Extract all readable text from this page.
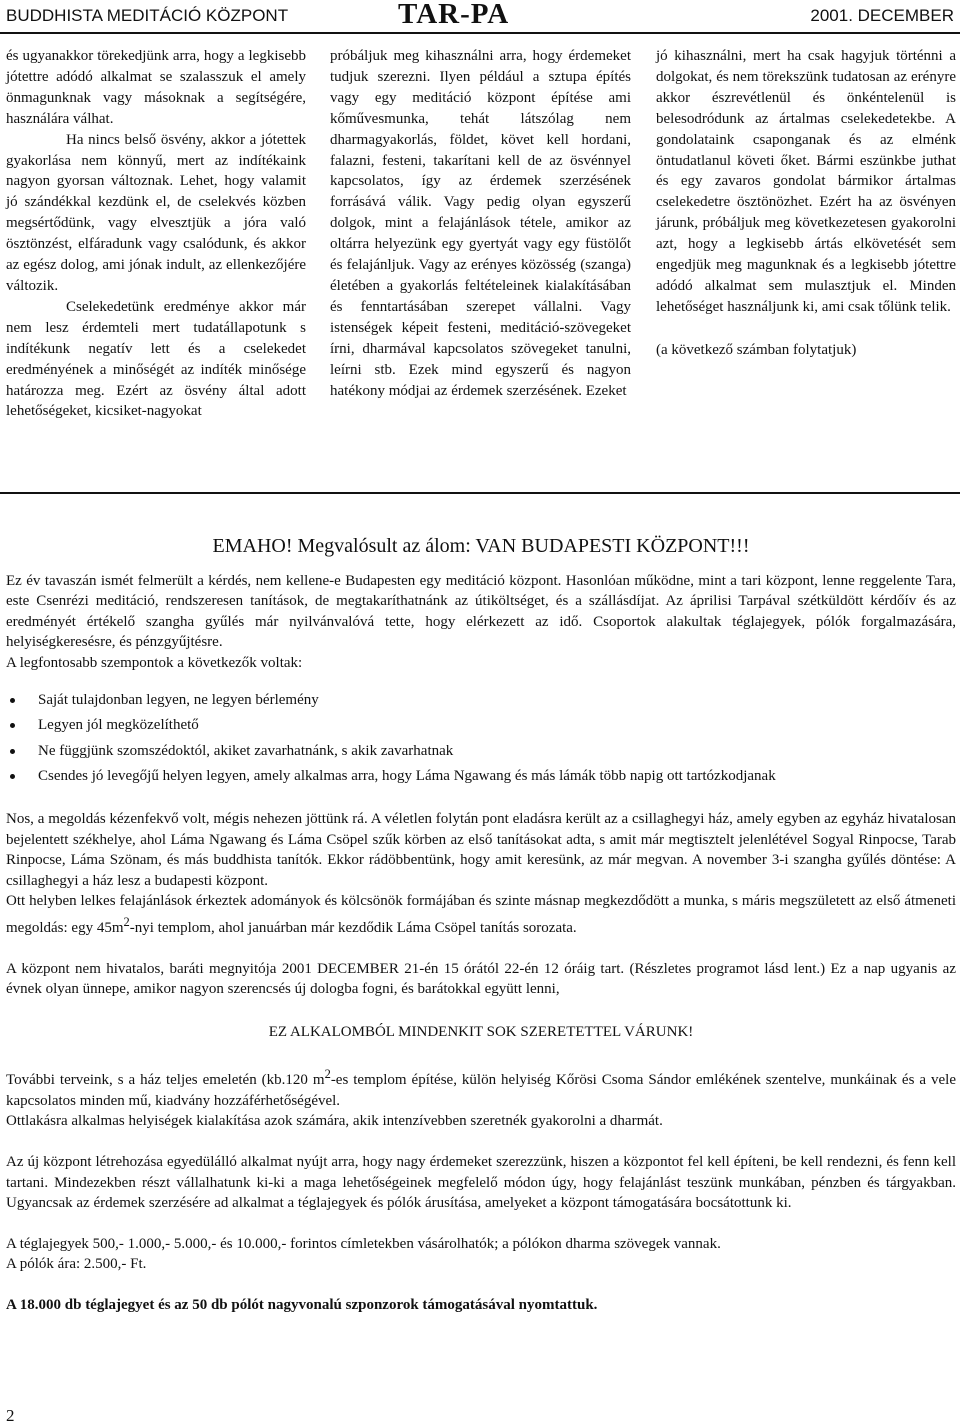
BUDDHISTA MEDITÁCIÓ KÖZPONT	TAR-PA	2001. DECEMBER

és ugyanakkor törekedjünk arra, hogy a legkisebb jótettre adódó alkalmat se szalasszuk el amely önmagunknak vagy másoknak a segítségére, használára válhat.

Ha nincs belső ösvény, akkor a jótettek gyakorlása nem könnyű, mert az indítékaink nagyon gyorsan változnak. Lehet, hogy valamit jó szándékkal kezdünk el, de cselekvés közben megsértődünk, vagy elvesztjük a jóra való ösztönzést, elfáradunk vagy csalódunk, és akkor az egész dolog, ami jónak indult, az ellenkezőjére változik.

Cselekedetünk eredménye akkor már nem lesz érdemteli mert tudatállapotunk s indítékunk negatív lett és a cselekedet eredményének a minőségét az indíték minősége határozza meg. Ezért az ösvény által adott lehetőségeket, kicsiket-nagyokat

próbáljuk meg kihasználni arra, hogy érdemeket tudjuk szerezni. Ilyen például a sztupa építés vagy egy meditáció központ építése ami kőművesmunka, tehát látszólag nem dharmagyakorlás, földet, követ kell hordani, falazni, festeni, takarítani kell de az ösvénnyel kapcsolatos, így az érdemek szerzésének forrásává válik. Vagy pedig olyan egyszerű dolgok, mint a felajánlások tétele, amikor az oltárra helyezünk egy gyertyát vagy egy füstölőt és felajánljuk. Vagy az erényes közösség (szanga) életében a gyakorlás feltételeinek kialakításában és fenntartásában szerepet vállalni. Vagy istenségek képeit festeni, meditáció-szövegeket írni, dharmával kapcsolatos szövegeket tanulni, leírni stb. Ezek mind egyszerű és nagyon hatékony módjai az érdemek szerzésének. Ezeket

jó kihasználni, mert ha csak hagyjuk történni a dolgokat, és nem törekszünk tudatosan az erényre akkor észrevétlenül és önkéntelenül is belesodródunk az ártalmas cselekedetekbe. A gondolataink csaponganak és az elménk öntudatlanul követi őket. Bármi eszünkbe juthat és egy zavaros gondolat bármikor ártalmas cselekedetre ösztönözhet. Ezért ha az ösvényen járunk, próbáljuk meg következetesen gyakorolni azt, hogy a legkisebb ártás elkövetését sem engedjük meg magunknak és a legkisebb jótettre adódó alkalmat sem mulasztjuk el. Minden lehetőséget használjunk ki, ami csak tőlünk telik.

(a következő számban folytatjuk)

EMAHO! Megvalósult az álom: VAN BUDAPESTI KÖZPONT!!!

Ez év tavaszán ismét felmerült a kérdés, nem kellene-e Budapesten egy meditáció központ. Hasonlóan működne, mint a tari központ, lenne reggelente Tara, este Csenrézi meditáció, rendszeresen tanítások, de megtakaríthatnánk az útiköltséget, és a szállásdíjat. Az áprilisi Tarpával szétküldött kérdőív és az eredményét értékelő szangha gyűlés már nyilvánvalóvá tette, hogy elérkezett az idő. Csoportok alakultak téglajegyek, pólók forgalmazására, helyiségkeresésre, és pénzgyűjtésre.

A legfontosabb szempontok a következők voltak:

Saját tulajdonban legyen, ne legyen bérlemény
Legyen jól megközelíthető
Ne függjünk szomszédoktól, akiket zavarhatnánk, s akik zavarhatnak
Csendes jó levegőjű helyen legyen, amely alkalmas arra, hogy Láma Ngawang és más lámák több napig ott tartózkodjanak

Nos, a megoldás kézenfekvő volt, mégis nehezen jöttünk rá. A véletlen folytán pont eladásra került az a csillaghegyi ház, amely egyben az egyház hivatalosan bejelentett székhelye, ahol Láma Ngawang és Láma Csöpel szűk körben az első tanításokat adta, s amit már megtisztelt jelenlétével Sogyal Rinpocse, Tarab Rinpocse, Láma Szönam, és más buddhista tanítók. Ekkor rádöbbentünk, hogy amit keresünk, az már megvan. A november 3-i szangha gyűlés döntése: A csillaghegyi a ház lesz a budapesti központ.

Ott helyben lelkes felajánlások érkeztek adományok és kölcsönök formájában és szinte másnap megkezdődött a munka, s máris megszületett az első átmeneti megoldás: egy $45m^2$-nyi templom, ahol januárban már kezdődik Láma Csöpel tanítás sorozata.

A központ nem hivatalos, baráti megnyitója 2001 DECEMBER 21-én 15 órától 22-én 12 óráig tart. (Részletes programot lásd lent.) Ez a nap ugyanis az évnek olyan ünnepe, amikor nagyon szerencsés új dologba fogni, és barátokkal együtt lenni,

EZ ALKALOMBÓL MINDENKIT SOK SZERETETTEL VÁRUNK!

További terveink, s a ház teljes emeletén (kb.120 $m^2-es$ templom építése, külön helyiség Kőrösi Csoma Sándor emlékének szentelve, munkáinak és a vele kapcsolatos minden mű, kiadvány hozzáférhetőségével.

Ottlakásra alkalmas helyiségek kialakítása azok számára, akik intenzívebben szeretnék gyakorolni a dharmát.

Az új központ létrehozása egyedülálló alkalmat nyújt arra, hogy nagy érdemeket szerezzünk, hiszen a központot fel kell építeni, be kell rendezni, és fenn kell tartani. Mindezekben részt vállalhatunk ki-ki a maga lehetőségeinek megfelelő módon úgy, hogy felajánlást teszünk munkában, pénzben és tárgyakban. Ugyancsak az érdemek szerzésére ad alkalmat a téglajegyek és pólók árusítása, amelyeket a központ támogatására bocsátottunk ki.

A téglajegyek 500,- 1.000,- 5.000,- és 10.000,- forintos címletekben vásárolhatók; a pólókon dharma szövegek vannak.

A pólók ára: 2.500,- Ft.

A 18.000 db téglajegyet és az 50 db pólót nagyvonalú szponzorok támogatásával nyomtattuk.

2
